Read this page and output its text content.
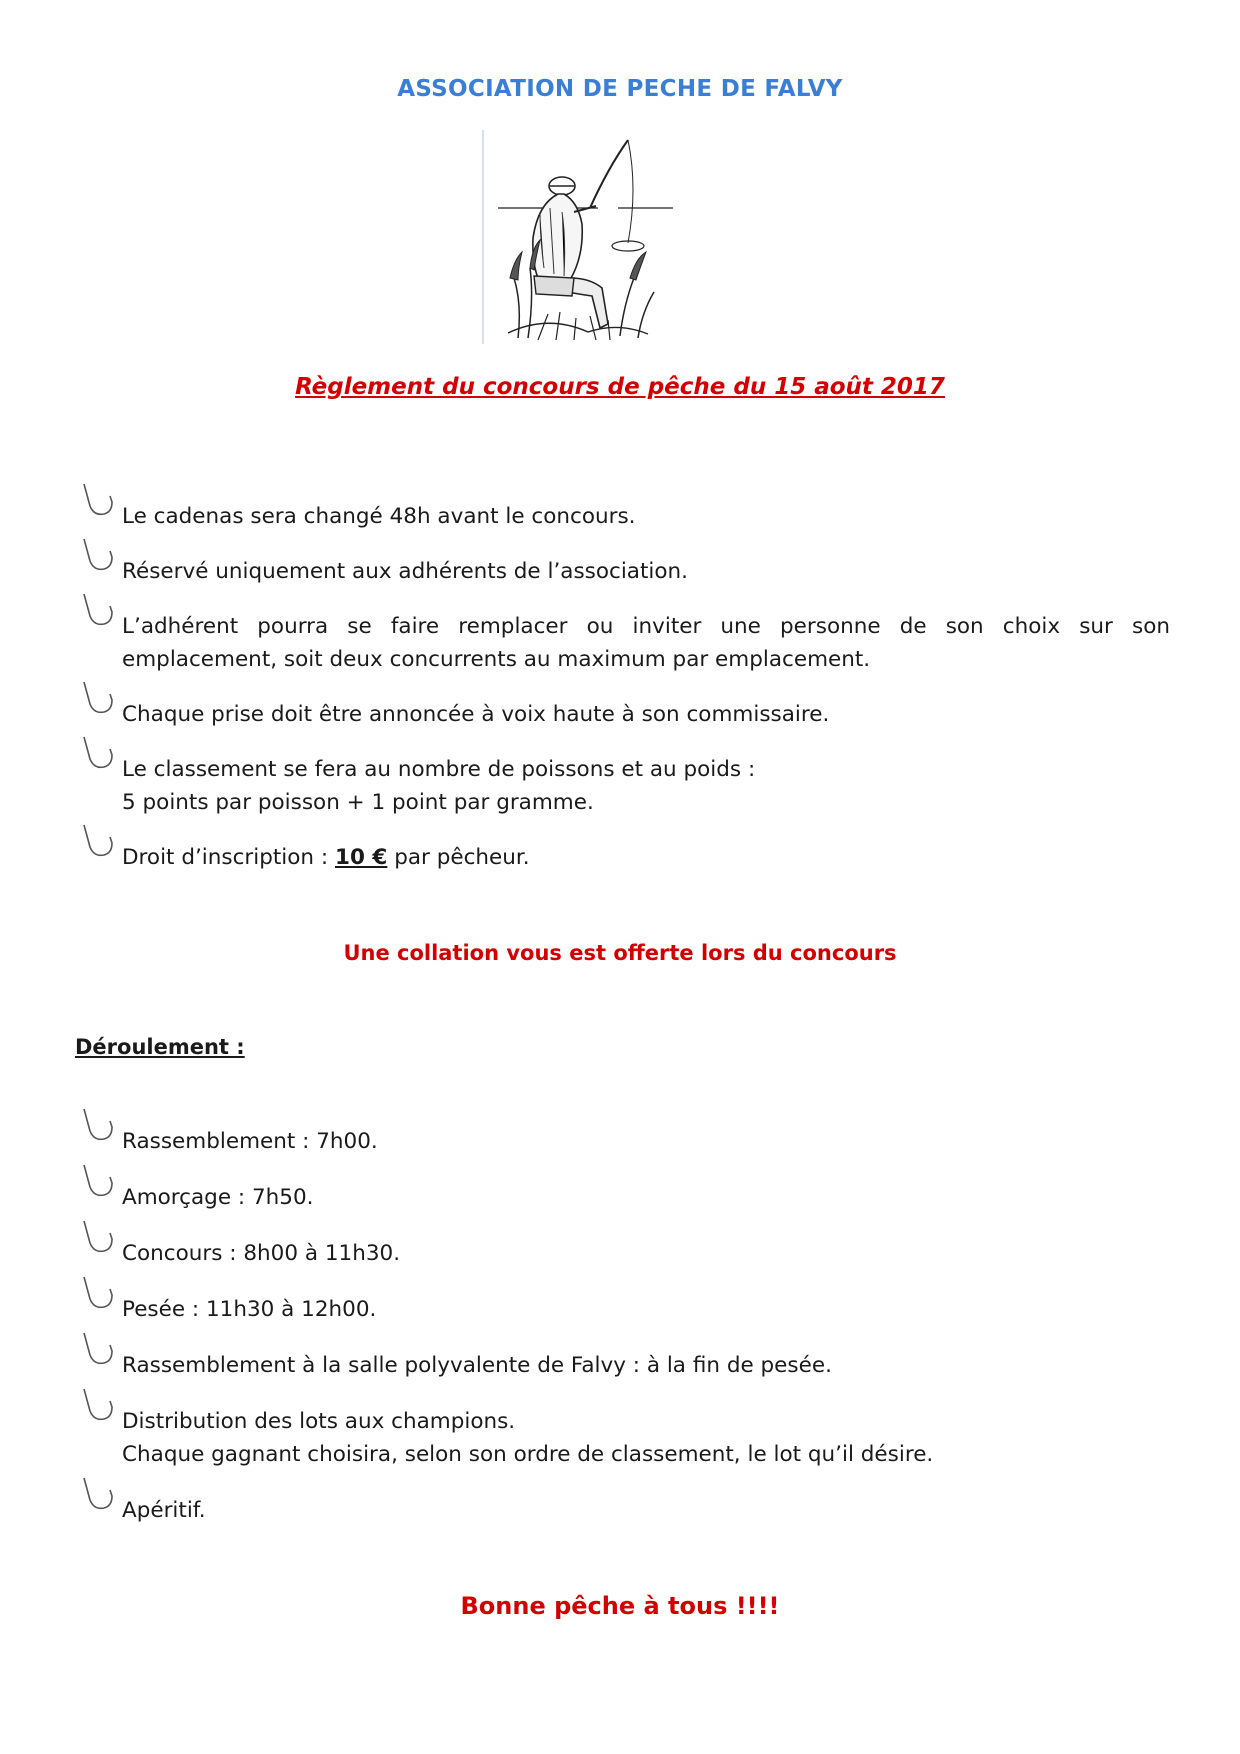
ASSOCIATION DE PECHE DE FALVY
Règlement du concours de pêche du 15 août 2017
Le cadenas sera changé 48h avant le concours.
Réservé uniquement aux adhérents de l’association.
L’adhérent pourra se faire remplacer ou inviter une personne de son choix sur son emplacement, soit deux concurrents au maximum par emplacement.
Chaque prise doit être annoncée à voix haute à son commissaire.
Le classement se fera au nombre de poissons et au poids :
5 points par poisson + 1 point par gramme.
Droit d’inscription : 10 € par pêcheur.
Une collation vous est offerte lors du concours
Déroulement :
Rassemblement : 7h00.
Amorçage : 7h50.
Concours : 8h00 à 11h30.
Pesée : 11h30 à 12h00.
Rassemblement à la salle polyvalente de Falvy : à la fin de pesée.
Distribution des lots aux champions.
Chaque gagnant choisira, selon son ordre de classement, le lot qu’il désire.
Apéritif.
Bonne pêche à tous !!!!
